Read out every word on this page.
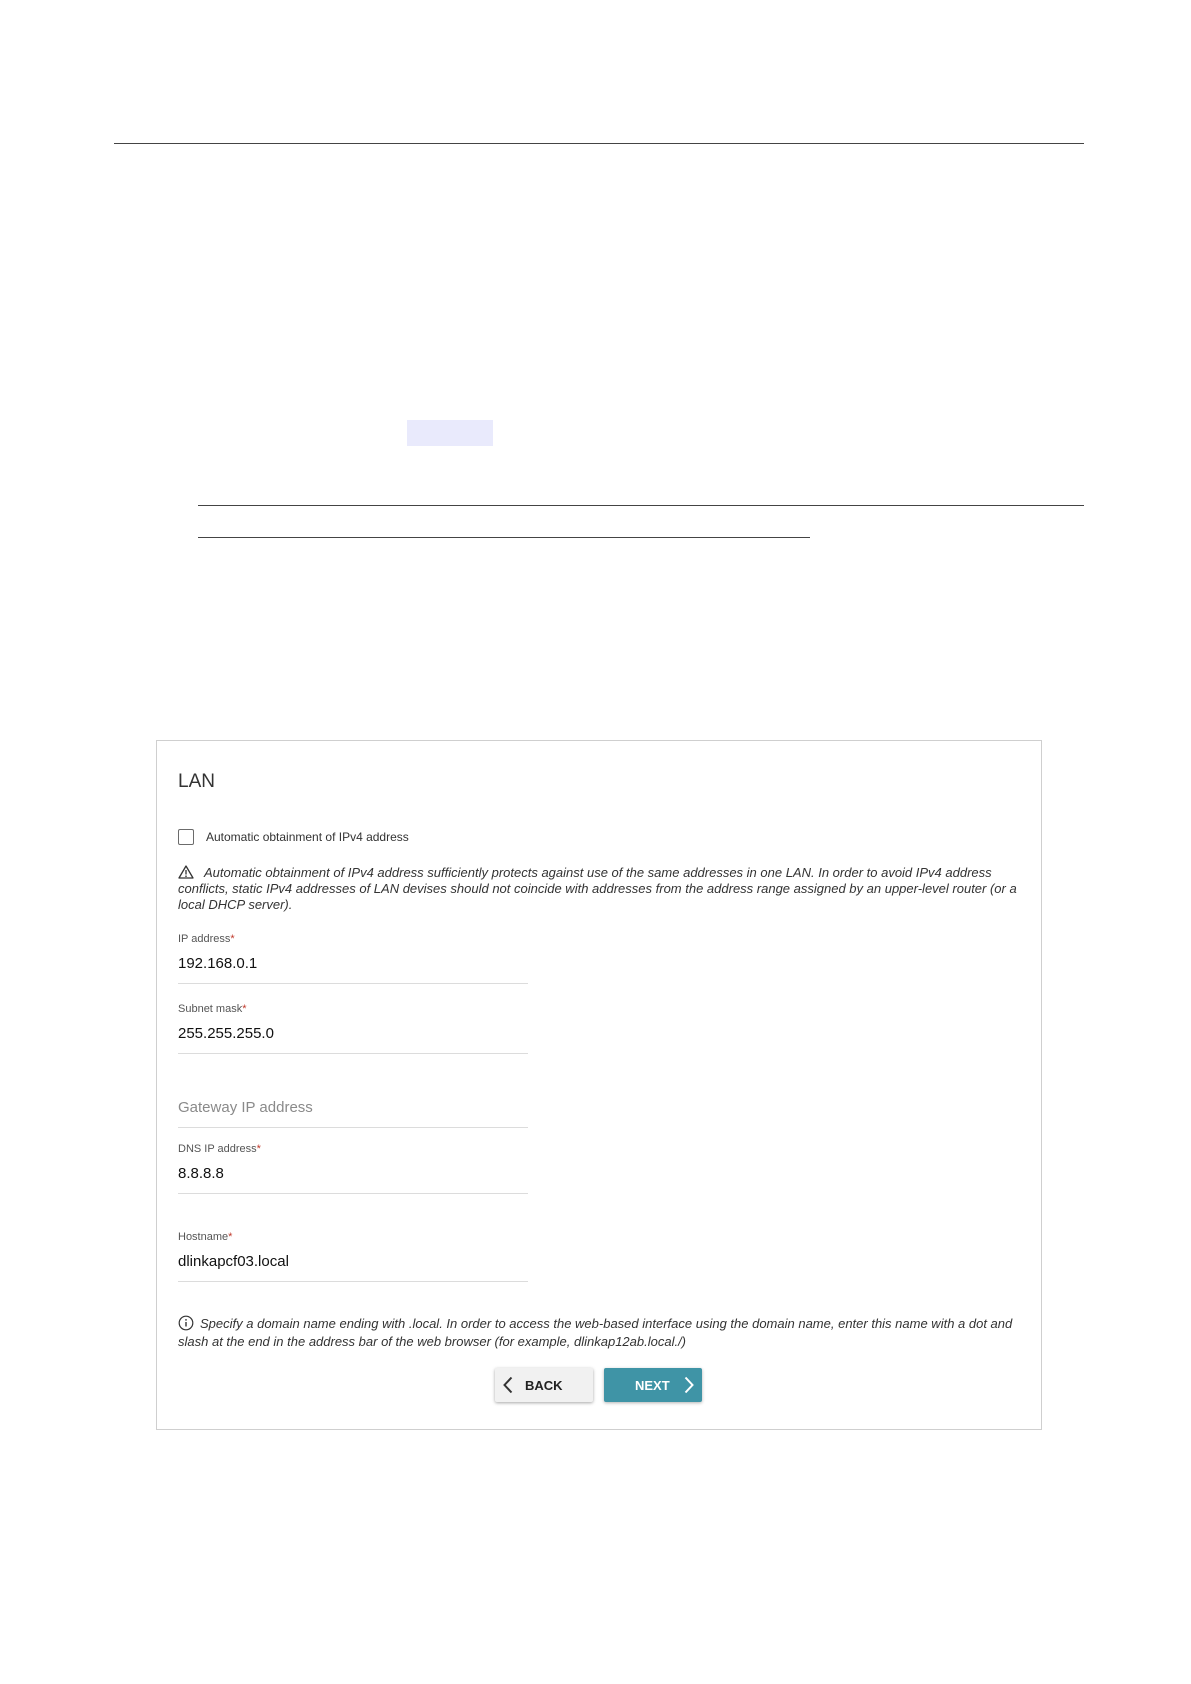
LAN
Automatic obtainment of IPv4 address
Automatic obtainment of IPv4 address sufficiently protects against use of the same addresses in one LAN. In order to avoid IPv4 address conflicts, static IPv4 addresses of LAN devises should not coincide with addresses from the address range assigned by an upper-level router (or a local DHCP server).
IP address*
192.168.0.1
Subnet mask*
255.255.255.0
Gateway IP address
DNS IP address*
8.8.8.8
Hostname*
dlinkapcf03.local
Specify a domain name ending with .local. In order to access the web-based interface using the domain name, enter this name with a dot and slash at the end in the address bar of the web browser (for example, dlinkap12ab.local./)
BACK	NEXT
